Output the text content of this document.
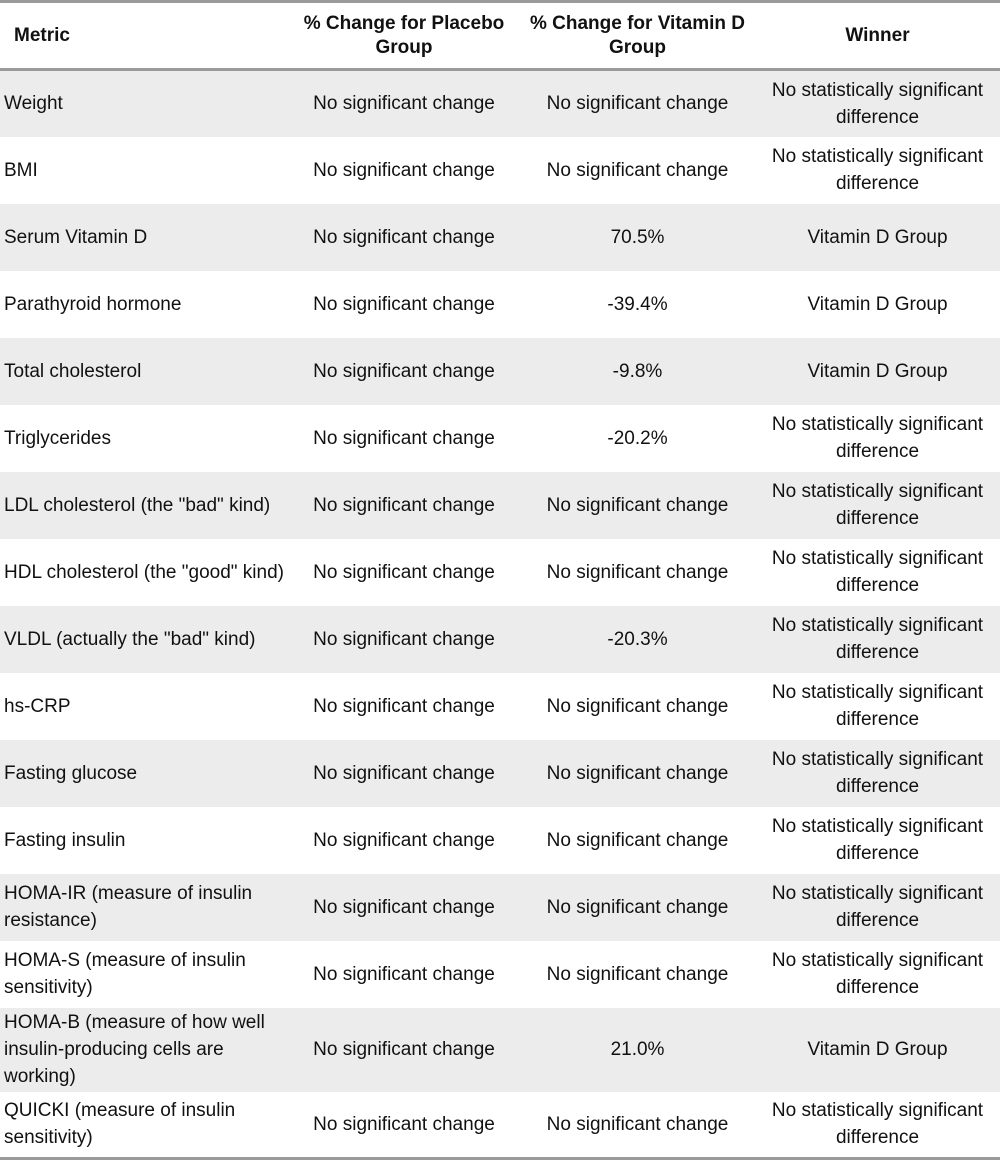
Metric	% Change for Placebo Group	% Change for Vitamin D Group	Winner
Weight	No significant change	No significant change	No statistically significant difference
BMI	No significant change	No significant change	No statistically significant difference
Serum Vitamin D	No significant change	70.5%	Vitamin D Group
Parathyroid hormone	No significant change	-39.4%	Vitamin D Group
Total cholesterol	No significant change	-9.8%	Vitamin D Group
Triglycerides	No significant change	-20.2%	No statistically significant difference
LDL cholesterol (the "bad" kind)	No significant change	No significant change	No statistically significant difference
HDL cholesterol (the "good" kind)	No significant change	No significant change	No statistically significant difference
VLDL (actually the "bad" kind)	No significant change	-20.3%	No statistically significant difference
hs-CRP	No significant change	No significant change	No statistically significant difference
Fasting glucose	No significant change	No significant change	No statistically significant difference
Fasting insulin	No significant change	No significant change	No statistically significant difference
HOMA-IR (measure of insulin resistance)	No significant change	No significant change	No statistically significant difference
HOMA-S (measure of insulin sensitivity)	No significant change	No significant change	No statistically significant difference
HOMA-B (measure of how well insulin-producing cells are working)	No significant change	21.0%	Vitamin D Group
QUICKI (measure of insulin sensitivity)	No significant change	No significant change	No statistically significant difference
